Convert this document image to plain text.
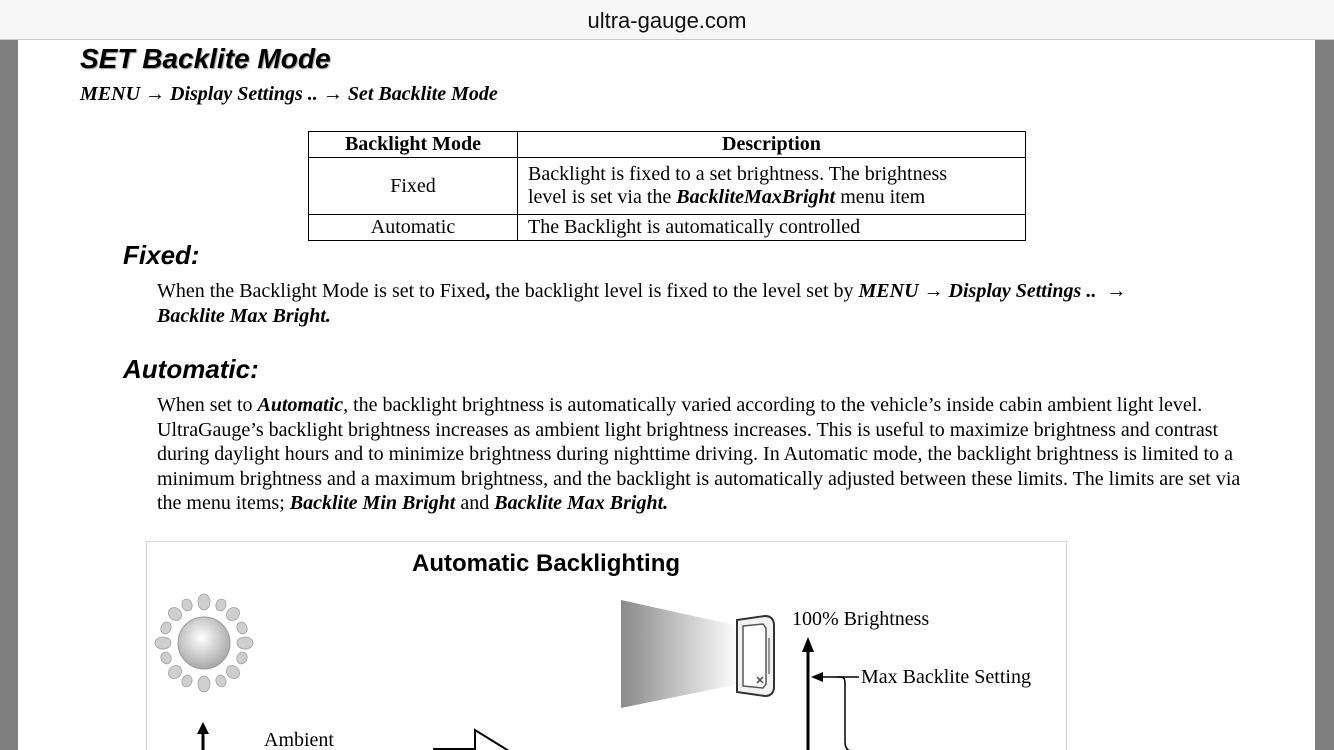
ultra-gauge.com
SET Backlite Mode
MENU → Display Settings .. → Set Backlite Mode
Backlight Mode	Description
Fixed	Backlight is fixed to a set brightness. The brightness
level is set via the BackliteMaxBright menu item

Automatic	The Backlight is automatically controlled
Fixed:
When the Backlight Mode is set to Fixed, the backlight level is fixed to the level set by MENU → Display Settings .. →
Backlite Max Bright.
Automatic:
When set to Automatic, the backlight brightness is automatically varied according to the vehicle’s inside cabin ambient light level. UltraGauge’s backlight brightness increases as ambient light brightness increases. This is useful to maximize brightness and contrast during daylight hours and to minimize brightness during nighttime driving. In Automatic mode, the backlight brightness is limited to a minimum brightness and a maximum brightness, and the backlight is automatically adjusted between these limits. The limits are set via the menu items; Backlite Min Bright and Backlite Max Bright.
Automatic Backlighting
Ambient
100% Brightness
Max Backlite Setting
